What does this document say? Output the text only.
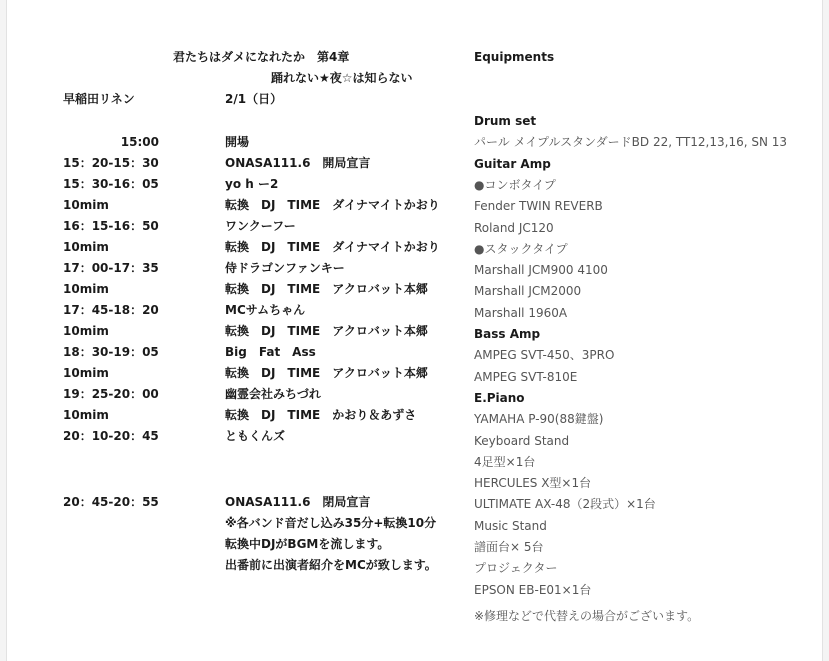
君たちはダメになれたか　第4章
踊れない★夜☆は知らない
早稲田リネン	2/1（日）
15:00	開場
15：20-15：30	ONASA111.6　開局宣言
15：30-16：05	yo h ー2
10mim	転換　DJ　TIME　ダイナマイトかおり
16：15-16：50	ワンクーフー
10mim	転換　DJ　TIME　ダイナマイトかおり
17：00-17：35	侍ドラゴンファンキー
10mim	転換　DJ　TIME　アクロバット本郷
17：45-18：20	MCサムちゃん
10mim	転換　DJ　TIME　アクロバット本郷
18：30-19：05	Big　Fat　Ass
10mim	転換　DJ　TIME　アクロバット本郷
19：25-20：00	幽霊会社みちづれ
10mim	転換　DJ　TIME　かおり＆あずさ
20：10-20：45	ともくんズ
20：45-20：55	ONASA111.6　閉局宣言
※各バンド音だし込み35分+転換10分
転換中DJがBGMを流します。
出番前に出演者紹介をMCが致します。
Equipments
Drum set
パール メイプルスタンダードBD 22, TT12,13,16, SN 13
Guitar Amp
●コンボタイプ
Fender TWIN REVERB
Roland JC120
●スタックタイプ
Marshall JCM900 4100
Marshall JCM2000
Marshall 1960A
Bass Amp
AMPEG SVT-450、3PRO
AMPEG SVT-810E
E.Piano
YAMAHA P-90(88鍵盤)
Keyboard Stand
4足型×1台
HERCULES X型×1台
ULTIMATE AX-48（2段式）×1台
Music Stand
譜面台× 5台
プロジェクター
EPSON EB-E01×1台
※修理などで代替えの場合がございます。
